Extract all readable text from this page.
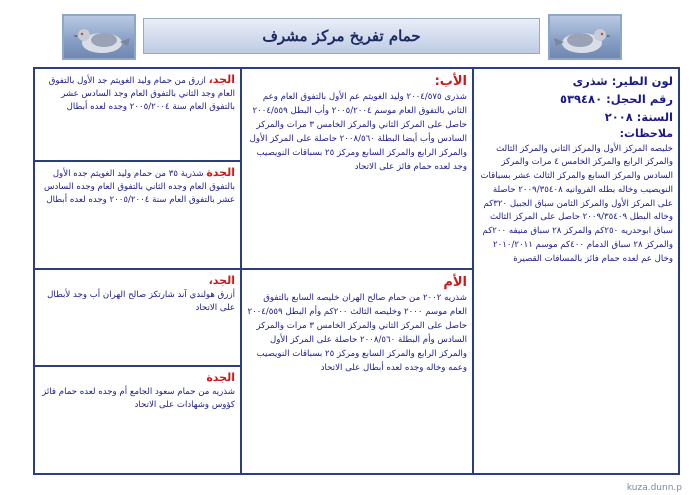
حمام تفريخ مركز مشرف
لون الطير: شذرى
رقم الحجل: ٥٣٩٤٨٠
السنة: ٢٠٠٨
ملاحظات:
خليصه المركز الأول والمركز الثاني والمركز الثالث والمركز الرابع والمركز الخامس ٤ مرات والمركز السادس والمركز السابع والمركز الثالث عشر بسباقات النويصيب وخاله بطله الفروانيه ٢٠٠٩/٣٥٤٠٨ حاصلة على المركز الأول والمركز الثامن سباق الجبيل ٣٢٠كم وخاله البطل ٢٠٠٩/٣٥٤٠٩ حاصل على المركز الثالث سباق ابوحدريه ٢٥٠كم والمركز ٢٨ سباق منيفه ٢٠٠كم والمركز ٢٨ سباق الدمام ٤٠٠كم موسم ٢٠١٠/٢٠١١ وخال عم لعده حمام فائز بالمسافات القصيرة
الأب:
شذرى ٢٠٠٤/٥٧٥ وليد الغويثم عم الأول بالتفوق العام وعم الثاني بالتفوق العام موسم ٢٠٠٥/٢٠٠٤ وأب البطل ٢٠٠٤/٥٥٩ حاصل على المركز الثاني والمركز الخامس ٣ مرات والمركز السادس وأب أيضا البطلة ٢٠٠٨/٥٦٠ حاصلة على المركز الأول والمركز الرابع والمركز السابع ومركز ٢٥ بسباقات النويصيب وجد لعده حمام فائز على الاتحاد
الأم
شذريه ٢٠٠٢ من حمام صالح الهران خليصه السابع بالتفوق العام موسم ٢٠٠٠ وخليصه الثالث ٢٠٠كم وأم البطل ٢٠٠٤/٥٥٩ حاصل على المركز الثاني والمركز الخامس ٣ مرات والمركز السادس وأم البطلة ٢٠٠٨/٥٦٠ حاصلة على المركز الأول والمركز الرابع والمركز السابع ومركز ٢٥ بسباقات النويصيب وعمه وخاله وجده لعده أبطال على الاتحاد
الجد، ازرق من حمام وليد الغويثم جد الأول بالتفوق العام وجد الثاني بالتفوق العام وجد السادس عشر بالتفوق العام سنة ٢٠٠٥/٢٠٠٤ وجده لعده أبطال
الجدة شذرية ٣٥ من حمام وليد الغويثم جده الأول بالتفوق العام وجده الثاني بالتفوق العام وجده السادس عشر بالتفوق العام سنة ٢٠٠٥/٢٠٠٤ وجده لعده أبطال
الجد،
أزرق هولندي آند شارتكز صالح الهران أب وجد لأبطال على الاتحاد
الجدة
شذريه من حمام سعود الجامع أم وجده لعده حمام فائز كؤوس وشهادات على الاتحاد
kuza.dunn.p
